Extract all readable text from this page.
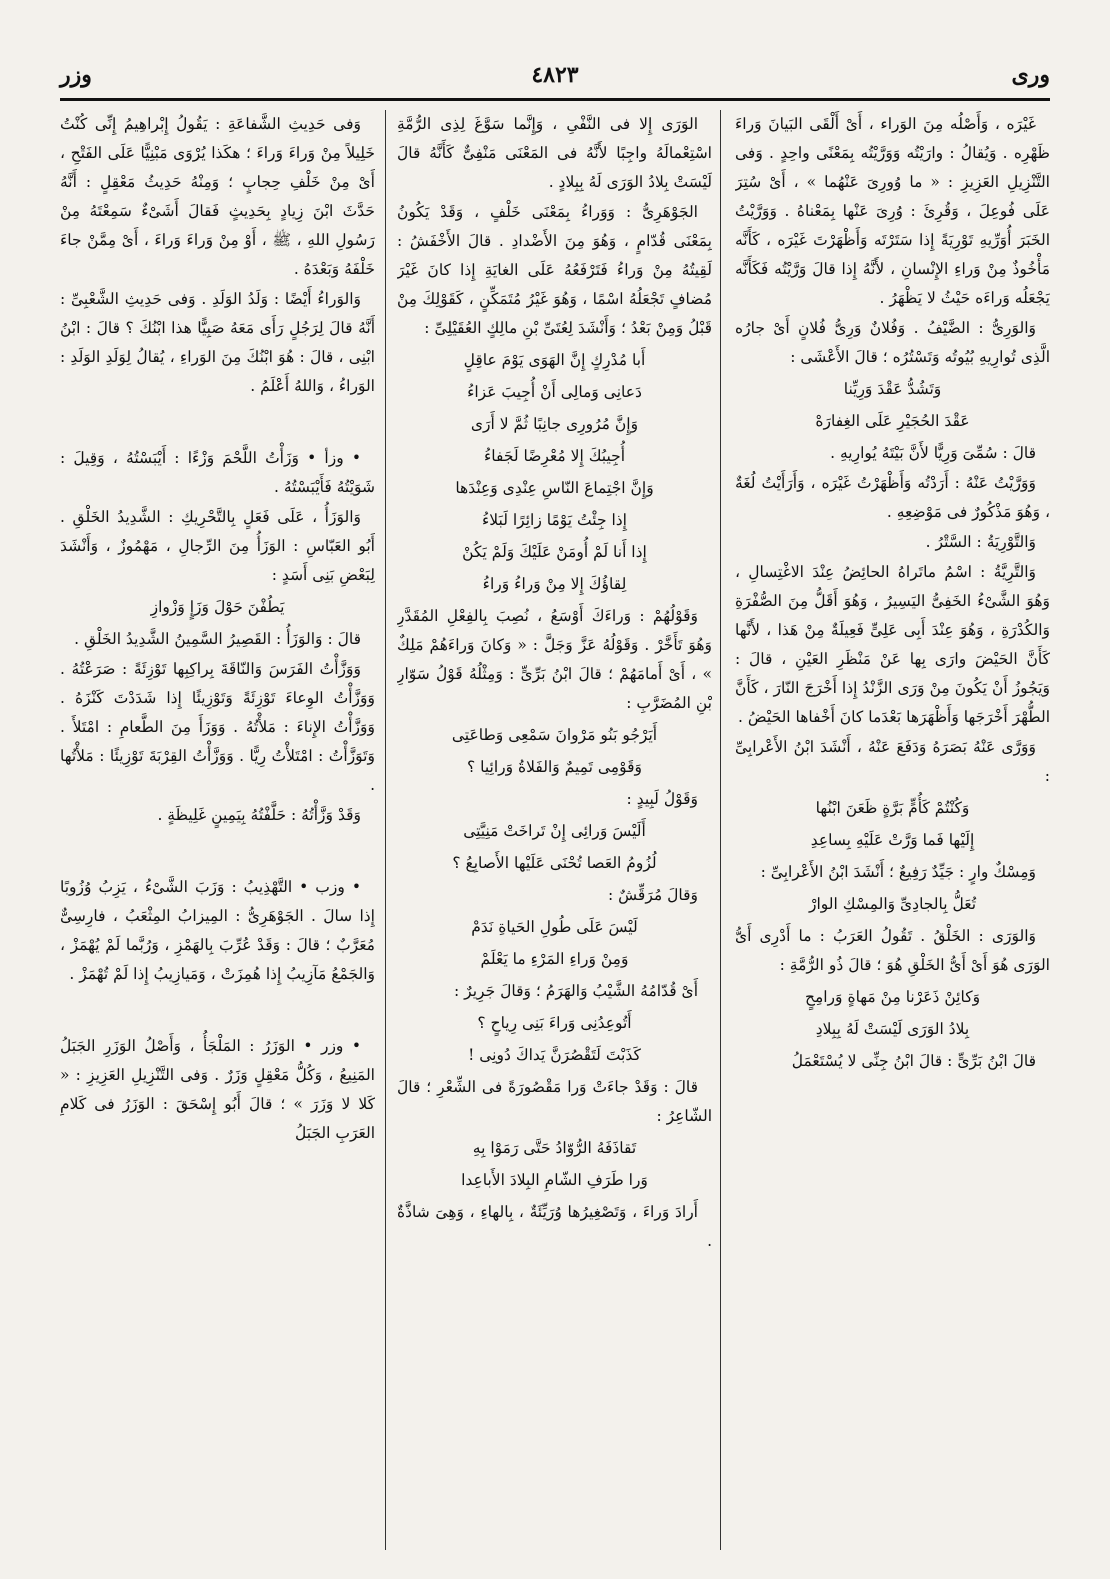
ورى
٤٨٢٣
وزر

غَيْرَه ، وَأَصْلُه مِنَ الوَراء ، أَىْ أَلْقَى البَيانَ وَراءَ ظَهْرِه . وَيُقالُ : وارَيْتُه وَوَرَّيْتُه بِمَعْنًى واحِدٍ . وَفى التَّنْزِيلِ العَزِيزِ : « ما وُورِىَ عَنْهُما » ، أَىْ سُتِرَ عَلَى فُوعِلَ ، وَقُرِئَ : وُرِىَ عَنْها بِمَعْناهُ . وَوَرَّيْتُ الخَبَرَ أُوَرِّيهِ تَوْرِيَةً إِذا سَتَرْتَه وَأَظْهَرْتَ غَيْرَه ، كَأَنَّه مَأْخُوذٌ مِنْ وَراءِ الإِنْسانِ ، لأَنَّهُ إِذا قالَ وَرَّيْتُه فَكَأَنَّه يَجْعَلُه وَراءَه حَيْثُ لا يَظْهَرُ .

وَالوَرِىُّ : الضَّيْفُ . وَفُلانٌ وَرِىُّ فُلانٍ أَىْ جارُه الَّذِى تُوارِيهِ بُيُوتُه وَتَسْتُرُه ؛ قالَ الأَعْشَى :

وَتَشُدُّ عَقْدَ وَرِيِّنا

عَقْدَ الحُجَيْرِ عَلَى الغِفارَهْ

قالَ : سُمِّىَ وَرِيًّا لأَنَّ بَيْتَهُ يُوارِيهِ .

وَوَرَّيْتُ عَنْهُ : أَرَدْتُه وَأَظْهَرْتُ غَيْرَه ، وَأَرَأَيْتُ لُغَةٌ ، وَهُوَ مَذْكُورٌ فى مَوْضِعِهِ .

وَالتَّوْرِيَةُ : السَّتْرُ .

وَالتَّرِيَّةُ : اسْمُ ماتَراهُ الحائِضُ عِنْدَ الاغْتِسالِ ، وَهُوَ الشَّىْءُ الخَفِىُّ اليَسِيرُ ، وَهُوَ أَقَلُّ مِنَ الصُّفْرَةِ وَالكُدْرَةِ ، وَهُوَ عِنْدَ أَبِى عَلِىٍّ فَعِيلَةٌ مِنْ هَذا ، لأَنَّها كَأَنَّ الحَيْضَ وارَى بِها عَنْ مَنْظَرِ العَيْنِ ، قالَ : وَيَجُوزُ أَنْ يَكُونَ مِنْ وَرَى الزَّنْدُ إِذا أَخْرَجَ النّارَ ، كَأَنَّ الطُّهْرَ أَخْرَجَها وَأَظْهَرَها بَعْدَما كانَ أَخْفاها الحَيْضُ .

وَوَرَّى عَنْهُ بَصَرَهُ وَدَفَعَ عَنْهُ ، أَنْشَدَ ابْنُ الأَعْرابِىِّ :

وَكُنْتُمْ كَأُمٍّ بَرَّةٍ ظَعَنَ ابْنُها

إِلَيْها فَما وَرَّتْ عَلَيْهِ بِساعِدِ

وَمِسْكٌ وارٍ : جَيِّدٌ رَفِيعٌ ؛ أَنْشَدَ ابْنُ الأَعْرابِىِّ :

تُعَلُّ بِالجادِىِّ وَالمِسْكِ الوارْ

وَالوَرَى : الخَلْقُ . تَقُولُ العَرَبُ : ما أَدْرِى أَىُّ الوَرَى هُوَ أَىْ أَىُّ الخَلْقِ هُوَ ؛ قالَ ذُو الرُّمَّةِ :

وَكائِنْ ذَعَرْنا مِنْ مَهاةٍ وَرامِحٍ

بِلادُ الوَرَى لَيْسَتْ لَهُ بِبِلادِ

قالَ ابْنُ بَرِّىٍّ : قالَ ابْنُ جِنِّى لا يُسْتَعْمَلُ

الوَرَى إِلا فى النَّفْىِ ، وَإِنَّما سَوَّغَ لِذِى الرُّمَّةِ اسْتِعْمالَهُ واجِبًا لأَنَّهُ فى المَعْنَى مَنْفِىٌّ كَأَنَّهُ قالَ لَيْسَتْ بِلادُ الوَرَى لَهُ بِبِلادٍ .

الجَوْهَرِىُّ : وَوَراءُ بِمَعْنَى خَلْفٍ ، وَقَدْ يَكُونُ بِمَعْنَى قُدّامٍ ، وَهُوَ مِنَ الأَضْدادِ . قالَ الأَخْفَشُ : لَقِيتُهُ مِنْ وَراءُ فَتَرْفَعُهُ عَلَى الغايَةِ إِذا كانَ غَيْرَ مُضافٍ تَجْعَلُهُ اسْمًا ، وَهُوَ غَيْرُ مُتَمَكِّنٍ ، كَقَوْلِكَ مِنْ قَبْلُ وَمِنْ بَعْدُ ؛ وَأَنْشَدَ لِعُتَىِّ بْنِ مالِكٍ العُقَيْلِىِّ :

أَبا مُدْرِكٍ إِنَّ الهَوَى يَوْمَ عاقِلٍ

دَعانِى وَمالِى أَنْ أُجِيبَ عَزاءُ

وَإِنَّ مُرُورِى جانِبًا ثُمَّ لا أَرَى

أُجِيبُكَ إِلا مُعْرِضًا لَجَفاءُ

وَإِنَّ اجْتِماعَ النّاسِ عِنْدِى وَعِنْدَها

إِذا جِئْتُ يَوْمًا زائِرًا لَبَلاءُ

إِذا أَنا لَمْ أُومَنْ عَلَيْكَ وَلَمْ يَكُنْ

لِقاؤُكَ إِلا مِنْ وَراءُ وَراءُ

وَقَوْلُهُمْ : وَراءَكَ أَوْسَعُ ، نُصِبَ بِالفِعْلِ المُقَدَّرِ وَهُوَ تَأَخَّرْ . وَقَوْلُهُ عَزَّ وَجَلَّ : « وَكانَ وَراءَهُمْ مَلِكٌ » ، أَىْ أَمامَهُمْ ؛ قالَ ابْنُ بَرِّىٍّ : وَمِثْلُهُ قَوْلُ سَوّارِ بْنِ المُضَرَّبِ :

أَيَرْجُو بَنُو مَرْوانَ سَمْعِى وَطاعَتِى

وَقَوْمِى تَمِيمٌ وَالفَلاةُ وَرائِيا ؟

وَقَوْلُ لَبِيدٍ :

أَلَيْسَ وَرائِى إِنْ تَراخَتْ مَنِيَّتِى

لُزُومُ العَصا تُحْنَى عَلَيْها الأَصابِعُ ؟

وَقالَ مُرَقِّشٌ :

لَيْسَ عَلَى طُولِ الحَياةِ نَدَمْ

وَمِنْ وَراءِ المَرْءِ ما يَعْلَمْ

أَىْ قُدّامُهُ الشَّيْبُ وَالهَرَمُ ؛ وَقالَ جَرِيرٌ :

أَتُوعِدُنِى وَراءَ بَنِى رِياحٍ ؟

كَذَبْتَ لَتَقْصُرَنَّ يَداكَ دُونِى !

قالَ : وَقَدْ جاءَتْ وَرا مَقْصُورَةً فى الشِّعْرِ ؛ قالَ الشّاعِرُ :

تَقاذَفَهُ الرُّوّادُ حَتَّى رَمَوْا بِهِ

وَرا طَرَفِ الشّامِ البِلادَ الأَباعِدا

أَرادَ وَراءَ ، وَتَصْغِيرُها وُرَيِّئَةٌ ، بِالهاءِ ، وَهِىَ شاذَّةٌ .

وَفى حَدِيثِ الشَّفاعَةِ : يَقُولُ إِبْراهِيمُ إِنِّى كُنْتُ خَلِيلاً مِنْ وَراءَ وَراءَ ؛ هكَذا يُرْوَى مَبْنِيًّا عَلَى الفَتْحِ ، أَىْ مِنْ خَلْفِ حِجابٍ ؛ وَمِنْهُ حَدِيثُ مَعْقِلٍ : أَنَّهُ حَدَّثَ ابْنَ زِيادٍ بِحَدِيثٍ فَقالَ أَشَىْءٌ سَمِعْتَهُ مِنْ رَسُولِ اللهِ ، ﷺ ، أَوْ مِنْ وَراءَ وَراءَ ، أَىْ مِمَّنْ جاءَ خَلْفَهُ وَبَعْدَهُ .

وَالوَراءُ أَيْضًا : وَلَدُ الوَلَدِ . وَفى حَدِيثِ الشَّعْبِىِّ : أَنَّهُ قالَ لِرَجُلٍ رَأَى مَعَهُ صَبِيًّا هذا ابْنُكَ ؟ قالَ : ابْنُ ابْنِى ، قالَ : هُوَ ابْنُكَ مِنَ الوَراءِ ، يُقالُ لِوَلَدِ الوَلَدِ : الوَراءُ ، وَاللهُ أَعْلَمُ .

• وزأ • وَزَأْتُ اللَّحْمَ وَزْءًا : أَيْبَسْتُهُ ، وَقِيلَ : شَوَيْتُهُ فَأَيْبَسْتُهُ .

وَالوَزَأُ ، عَلَى فَعَلٍ بِالتَّحْرِيكِ : الشَّدِيدُ الخَلْقِ . أَبُو العَبّاسِ : الوَزَأُ مِنَ الرِّجالِ ، مَهْمُوزٌ ، وَأَنْشَدَ لِبَعْضِ بَنِى أَسَدٍ :

يَطُفْنَ حَوْلَ وَزَإٍ وَزْوازِ

قالَ : وَالوَزَأُ : القَصِيرُ السَّمِينُ الشَّدِيدُ الخَلْقِ .

وَوَزَّأْتُ الفَرَسَ وَالنّاقَةَ بِراكِبِها تَوْزِئَةً : صَرَعْتُهُ . وَوَزَّأْتُ الوِعاءَ تَوْزِئَةً وَتَوْزِيئًا إِذا شَدَدْتَ كَنْزَهُ . وَوَزَّأْتُ الإِناءَ : مَلأْتُهُ . وَوَزَأَ مِنَ الطَّعامِ : امْتَلأَ . وَتَوَزَّأْتُ : امْتَلأْتُ رِيًّا . وَوَزَّأْتُ القِرْبَةَ تَوْزِيئًا : مَلأْتُها .

وَقَدْ وَزَّأْتُهُ : حَلَّفْتُهُ بِيَمِينٍ غَلِيظَةٍ .

• وزب • التَّهْذِيبُ : وَزَبَ الشَّىْءُ ، يَزِبُ وُزُوبًا إِذا سالَ . الجَوْهَرِىُّ : المِيزابُ المِثْعَبُ ، فارِسِىٌّ مُعَرَّبٌ ؛ قالَ : وَقَدْ عُرِّبَ بِالهَمْزِ ، وَرُبَّما لَمْ يُهْمَزْ ، وَالجَمْعُ مَآزِيبُ إِذا هُمِزَتْ ، وَمَيازِيبُ إِذا لَمْ تُهْمَزْ .

• وزر • الوَزَرُ : المَلْجَأُ ، وَأَصْلُ الوَزَرِ الجَبَلُ المَنِيعُ ، وَكُلُّ مَعْقِلٍ وَزَرٌ . وَفى التَّنْزِيلِ العَزِيزِ : « كَلا لا وَزَرَ » ؛ قالَ أَبُو إِسْحَقَ : الوَزَرُ فى كَلامِ العَرَبِ الجَبَلُ
